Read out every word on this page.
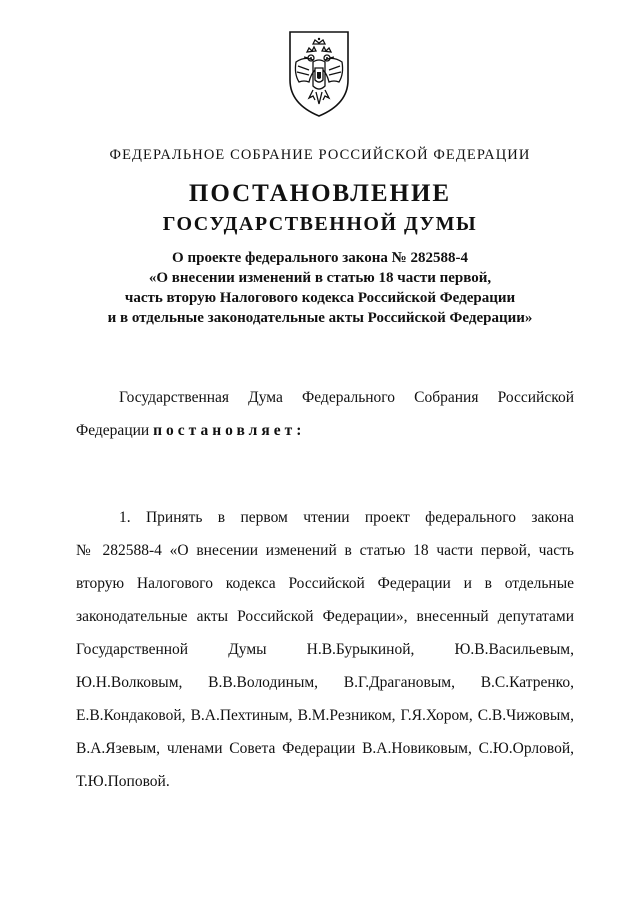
ФЕДЕРАЛЬНОЕ СОБРАНИЕ РОССИЙСКОЙ ФЕДЕРАЦИИ

ПОСТАНОВЛЕНИЕ
ГОСУДАРСТВЕННОЙ ДУМЫ
О проекте федерального закона № 282588-4
«О внесении изменений в статью 18 части первой,
часть вторую Налогового кодекса Российской Федерации
и в отдельные законодательные акты Российской Федерации»
Государственная Дума Федерального Собрания Российской
Федерации постановляет:
1. Принять в первом чтении проект федерального закона
№ 282588-4 «О внесении изменений в статью 18 части первой, часть
вторую Налогового кодекса Российской Федерации и в отдельные
законодательные акты Российской Федерации», внесенный депутатами
Государственной Думы Н.В.Бурыкиной, Ю.В.Васильевым,
Ю.Н.Волковым, В.В.Володиным, В.Г.Драгановым, В.С.Катренко,
Е.В.Кондаковой, В.А.Пехтиным, В.М.Резником, Г.Я.Хором, С.В.Чижовым,
В.А.Язевым, членами Совета Федерации В.А.Новиковым, С.Ю.Орловой,
Т.Ю.Поповой.
